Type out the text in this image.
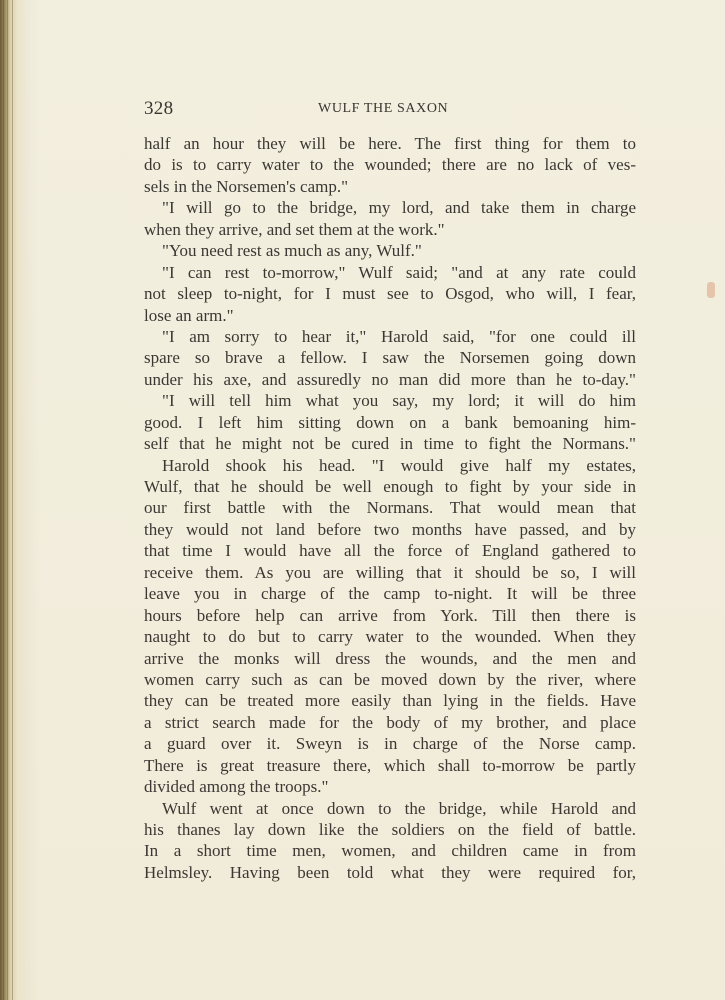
328	WULF THE SAXON
half an hour they will be here. The first thing for them to
do is to carry water to the wounded; there are no lack of ves-
sels in the Norsemen's camp."
"I will go to the bridge, my lord, and take them in charge
when they arrive, and set them at the work."
"You need rest as much as any, Wulf."
"I can rest to-morrow," Wulf said; "and at any rate could
not sleep to-night, for I must see to Osgod, who will, I fear,
lose an arm."
"I am sorry to hear it," Harold said, "for one could ill
spare so brave a fellow. I saw the Norsemen going down
under his axe, and assuredly no man did more than he to-day."
"I will tell him what you say, my lord; it will do him
good. I left him sitting down on a bank bemoaning him-
self that he might not be cured in time to fight the Normans."
Harold shook his head. "I would give half my estates,
Wulf, that he should be well enough to fight by your side in
our first battle with the Normans. That would mean that
they would not land before two months have passed, and by
that time I would have all the force of England gathered to
receive them. As you are willing that it should be so, I will
leave you in charge of the camp to-night. It will be three
hours before help can arrive from York. Till then there is
naught to do but to carry water to the wounded. When they
arrive the monks will dress the wounds, and the men and
women carry such as can be moved down by the river, where
they can be treated more easily than lying in the fields. Have
a strict search made for the body of my brother, and place
a guard over it. Sweyn is in charge of the Norse camp.
There is great treasure there, which shall to-morrow be partly
divided among the troops."
Wulf went at once down to the bridge, while Harold and
his thanes lay down like the soldiers on the field of battle.
In a short time men, women, and children came in from
Helmsley. Having been told what they were required for,
